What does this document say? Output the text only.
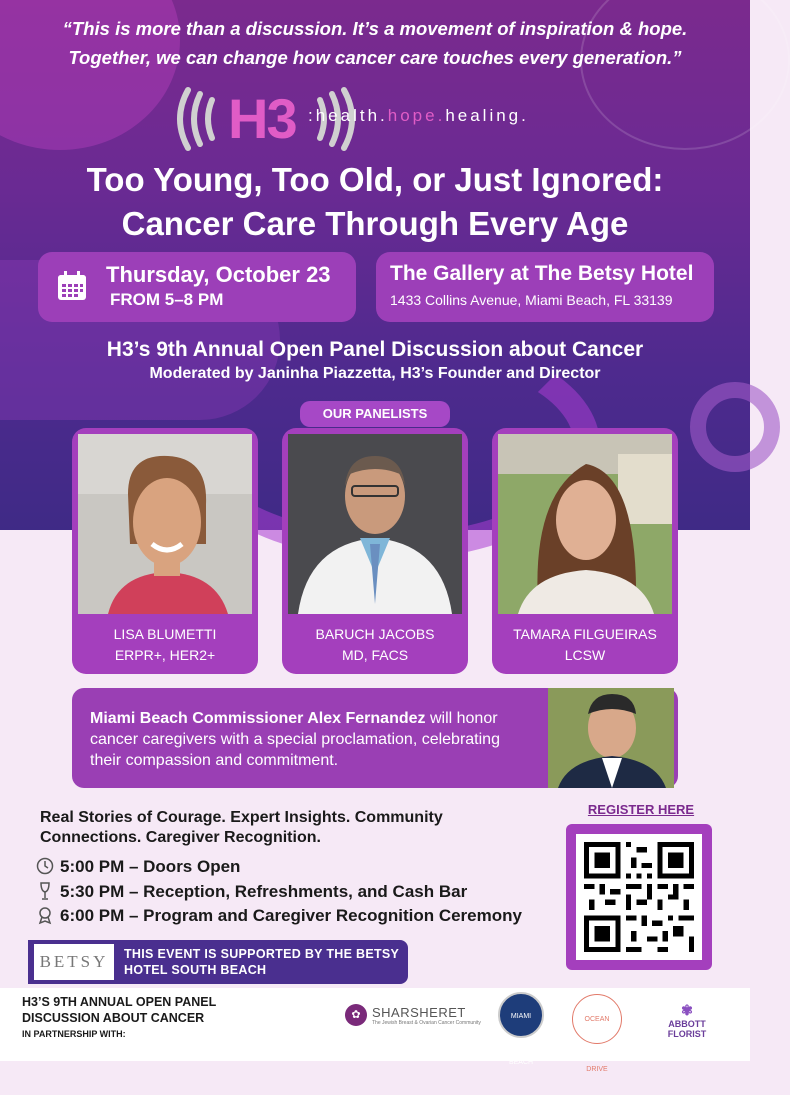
“This is more than a discussion. It’s a movement of inspiration & hope.
Together, we can change how cancer care touches every generation.”
H3 :health.hope.healing.
Too Young, Too Old, or Just Ignored:
Cancer Care Through Every Age
Thursday, October 23
FROM 5–8 PM
The Gallery at The Betsy Hotel
1433 Collins Avenue, Miami Beach, FL 33139
H3’s 9th Annual Open Panel Discussion about Cancer
Moderated by Janinha Piazzetta, H3’s Founder and Director
OUR PANELISTS
LISA BLUMETTI
ERPR+, HER2+
BARUCH JACOBS
MD, FACS
TAMARA FILGUEIRAS
LCSW
Miami Beach Commissioner Alex Fernandez will honor cancer caregivers with a special proclamation, celebrating their compassion and commitment.
Real Stories of Courage. Expert Insights. Community Connections. Caregiver Recognition.
5:00 PM – Doors Open
5:30 PM – Reception, Refreshments, and Cash Bar
6:00 PM – Program and Caregiver Recognition Ceremony
REGISTER HERE
BETSY	THIS EVENT IS SUPPORTED BY THE BETSY HOTEL SOUTH BEACH
H3’S 9TH ANNUAL OPEN PANEL
DISCUSSION ABOUT CANCER
IN PARTNERSHIP WITH:
✿ SHARSHERET
The Jewish Breast & Ovarian Cancer Community
MIAMI BEACH
OCEAN DRIVE
✾
ABBOTT FLORIST
